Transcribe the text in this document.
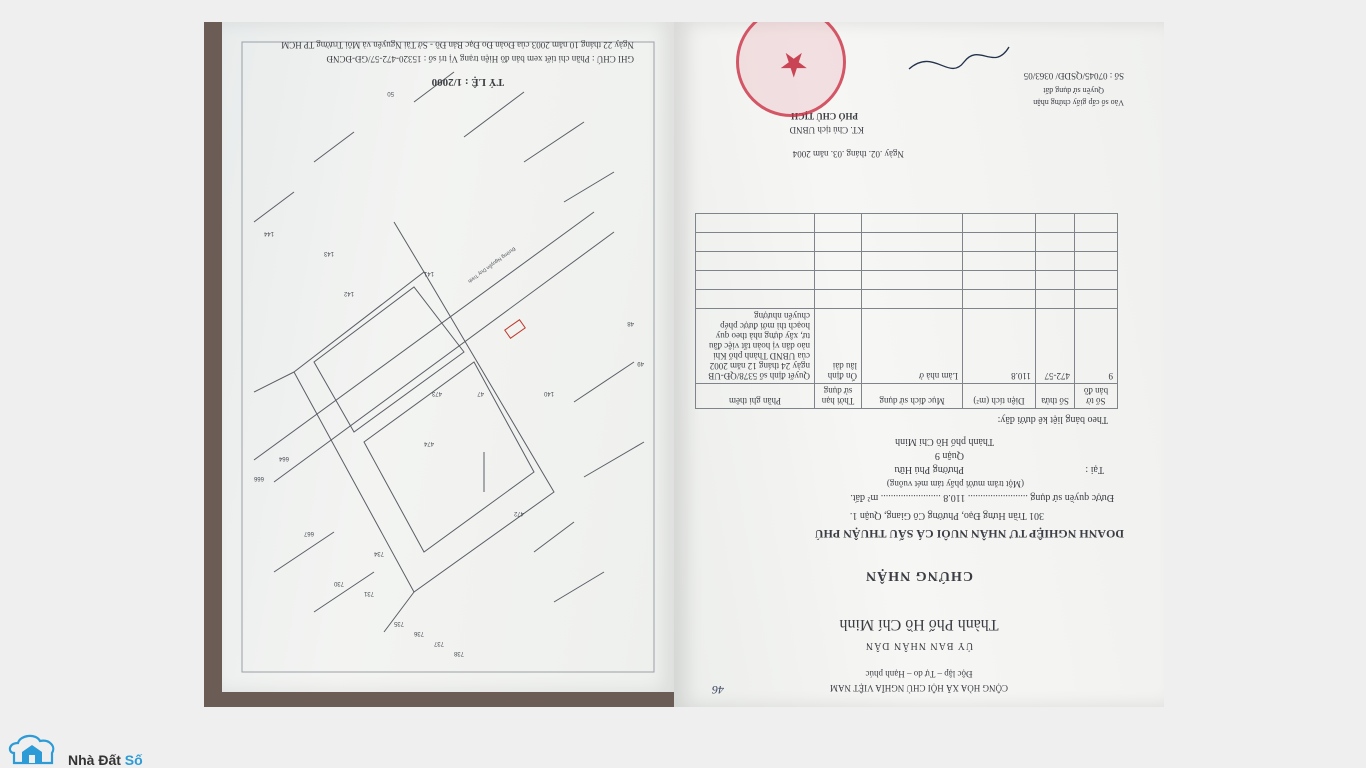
472
473
474
664
666
667
730
731
734
735
736
737
738
48
49
50
47	140
141
142
143
144
Đường Nguyễn Duy Trinh
GHI CHÚ : Phần chi tiết xem bản đồ Hiện trạng Vị trí số : 15320-472-57/GĐ-ĐCNĐ
Ngày 22 tháng 10 năm 2003 của Đoàn Đo Đạc Bản Đồ - Sở Tài Nguyên và Môi Trường TP HCM
TỶ LỆ : 1/2000
CỘNG HÒA XÃ HỘI CHỦ NGHĨA VIỆT NAM
Độc lập – Tự do – Hạnh phúc
ỦY BAN NHÂN DÂN
Thành Phố Hồ Chí Minh
CHỨNG NHẬN
DOANH NGHIỆP TƯ NHÂN NUÔI CÁ SẤU THUẬN PHÚ
301 Trần Hưng Đạo, Phường Cô Giang, Quận 1.
Được quyền sử dụng ........................ 110.8 ........................ m² đất.
(Một trăm mười phẩy tám mét vuông)
Tại :
Phường Phú Hữu
Quận 9
Thành phố Hồ Chí Minh
Theo bảng liệt kê dưới đây:
Số tờ bản đồ	Số thửa	Diện tích (m²)	Mục đích sử dụng	Thời hạn sử dụng	Phần ghi thêm
9	472-57	110.8	Làm nhà ở	Ổn định lâu dài	Quyết định số 5378/QĐ-UB ngày 24 tháng 12 năm 2002 của UBND Thành phố Khi nào dân vị hoàn tất việc đầu tư, xây dựng nhà theo quy hoạch thì mới được phép chuyển nhượng

Ngày .02. tháng .03. năm 2004
KT. Chủ tịch UBND
PHÓ CHỦ TỊCH
★
Vào sổ cấp giấy chứng nhận
Quyền sử dụng đất
Số : 07045/QSDĐ/ 0363/05
46
Nhà Đất Số
